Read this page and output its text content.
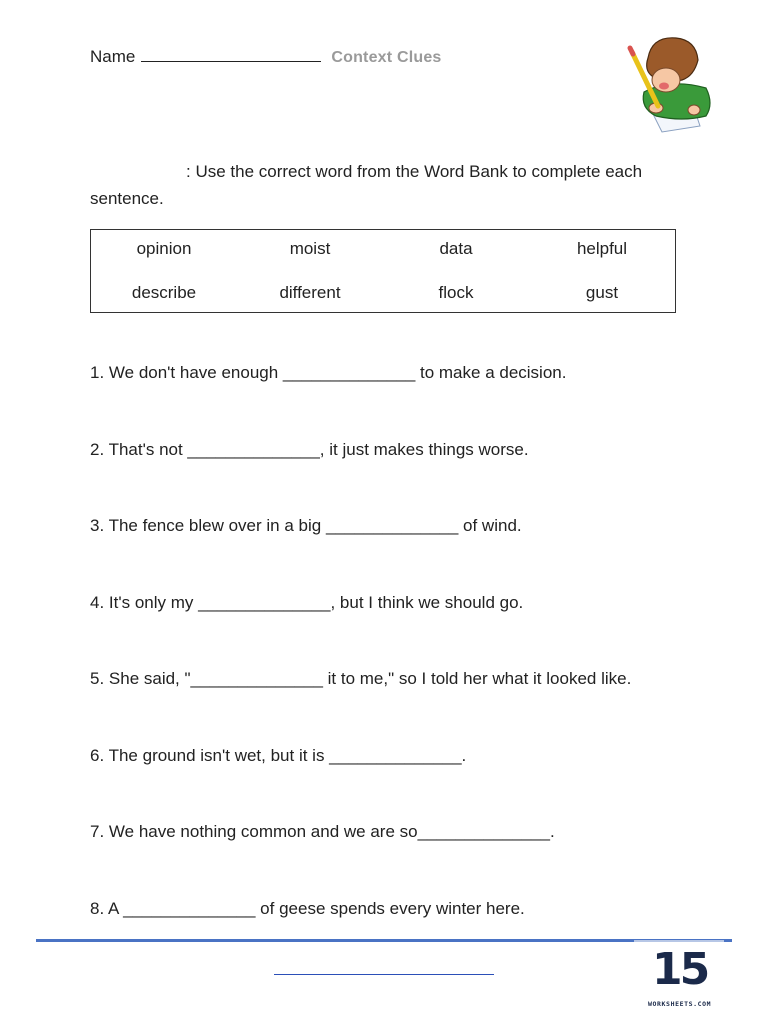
Name	Context Clues
: Use the correct word from the Word Bank to complete each sentence.
opinion	moist	data	helpful
describe	different	flock	gust
1. We don't have enough ______________ to make a decision.
2. That's not ______________, it just makes things worse.
3. The fence blew over in a big ______________ of wind.
4. It's only my ______________, but I think we should go.
5. She said, "______________ it to me," so I told her what it looked like.
6. The ground isn't wet, but it is ______________.
7. We have nothing common and we are so______________.
8. A ______________ of geese spends every winter here.
15
WORKSHEETS.COM
